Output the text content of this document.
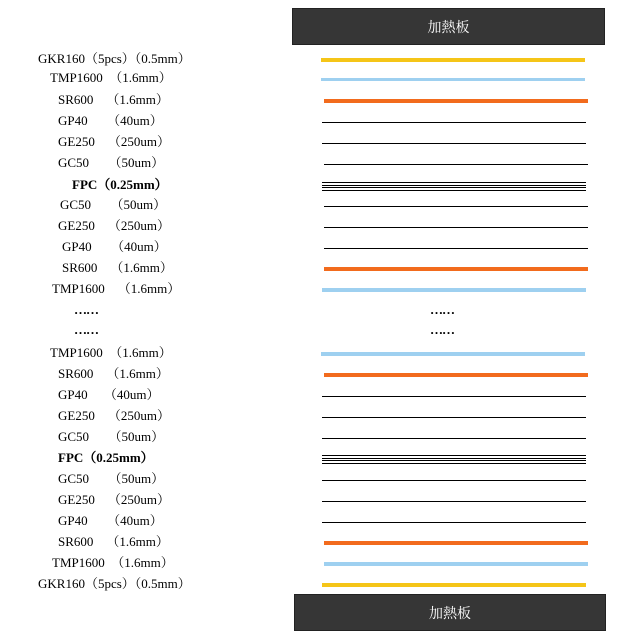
加熱板
GKR160（5pcs）（0.5mm）
TMP1600  （1.6mm）
SR600    （1.6mm）
GP40      （40um）
GE250    （250um）
GC50      （50um）
FPC（0.25mm）
GC50      （50um）
GE250    （250um）
GP40      （40um）
SR600    （1.6mm）
TMP1600    （1.6mm）
TMP1600  （1.6mm）
SR600    （1.6mm）
GP40     （40um）
GE250    （250um）
GC50      （50um）
FPC（0.25mm）
GC50      （50um）
GE250    （250um）
GP40      （40um）
SR600    （1.6mm）
TMP1600  （1.6mm）
GKR160（5pcs）（0.5mm）
……
……
……
……
加熱板
